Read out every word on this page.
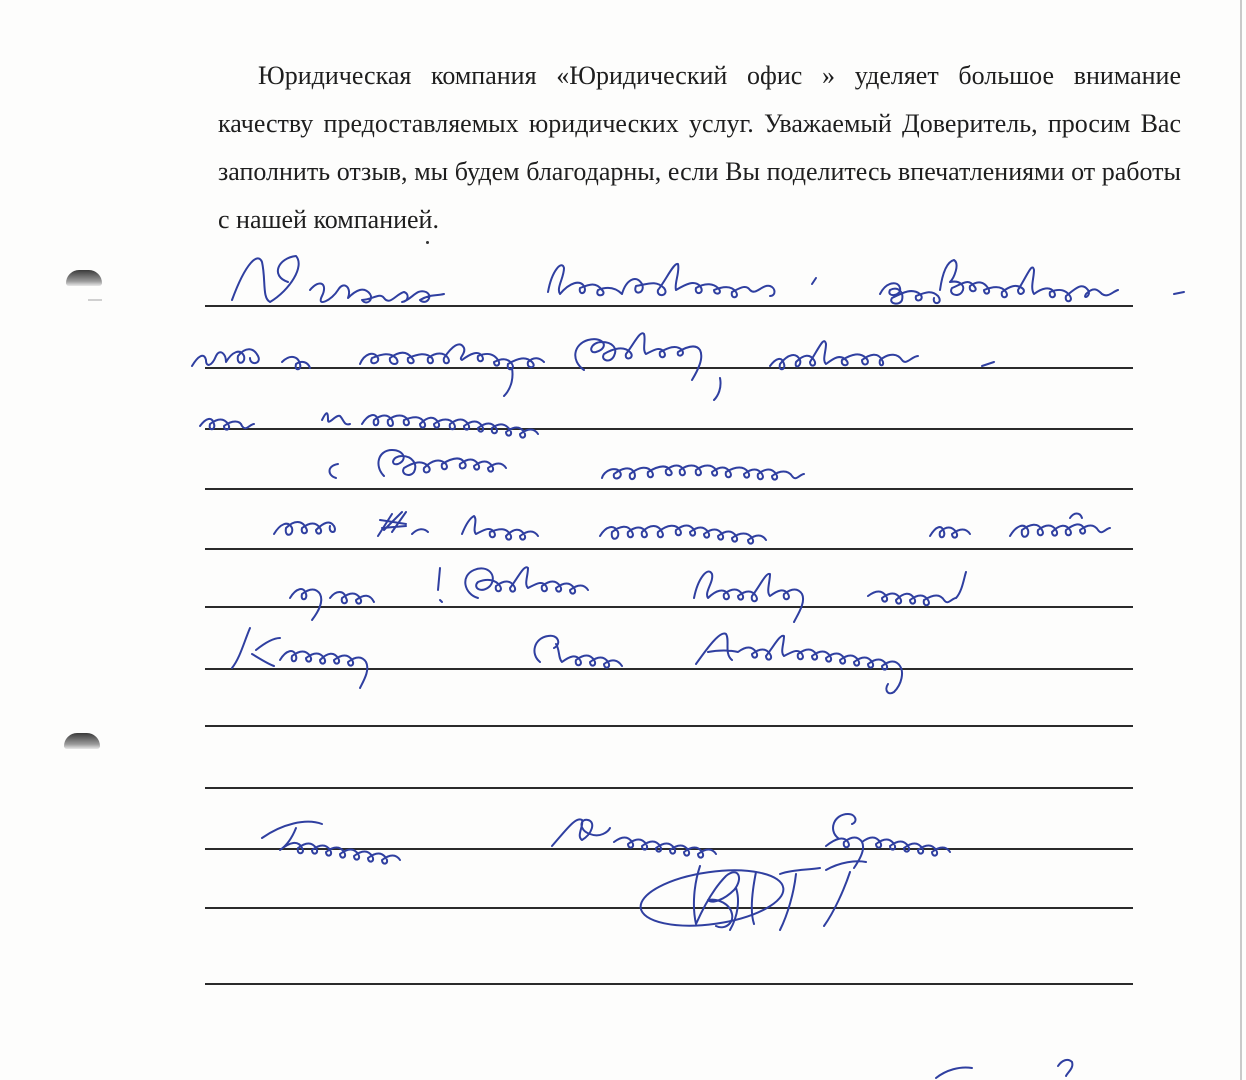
Юридическая компания «Юридический офис » уделяет большое внимание качеству предоставляемых юридических услуг. Уважаемый Доверитель, просим Вас заполнить отзыв, мы будем благодарны, если Вы поделитесь впечатлениями от работы с нашей компанией.
